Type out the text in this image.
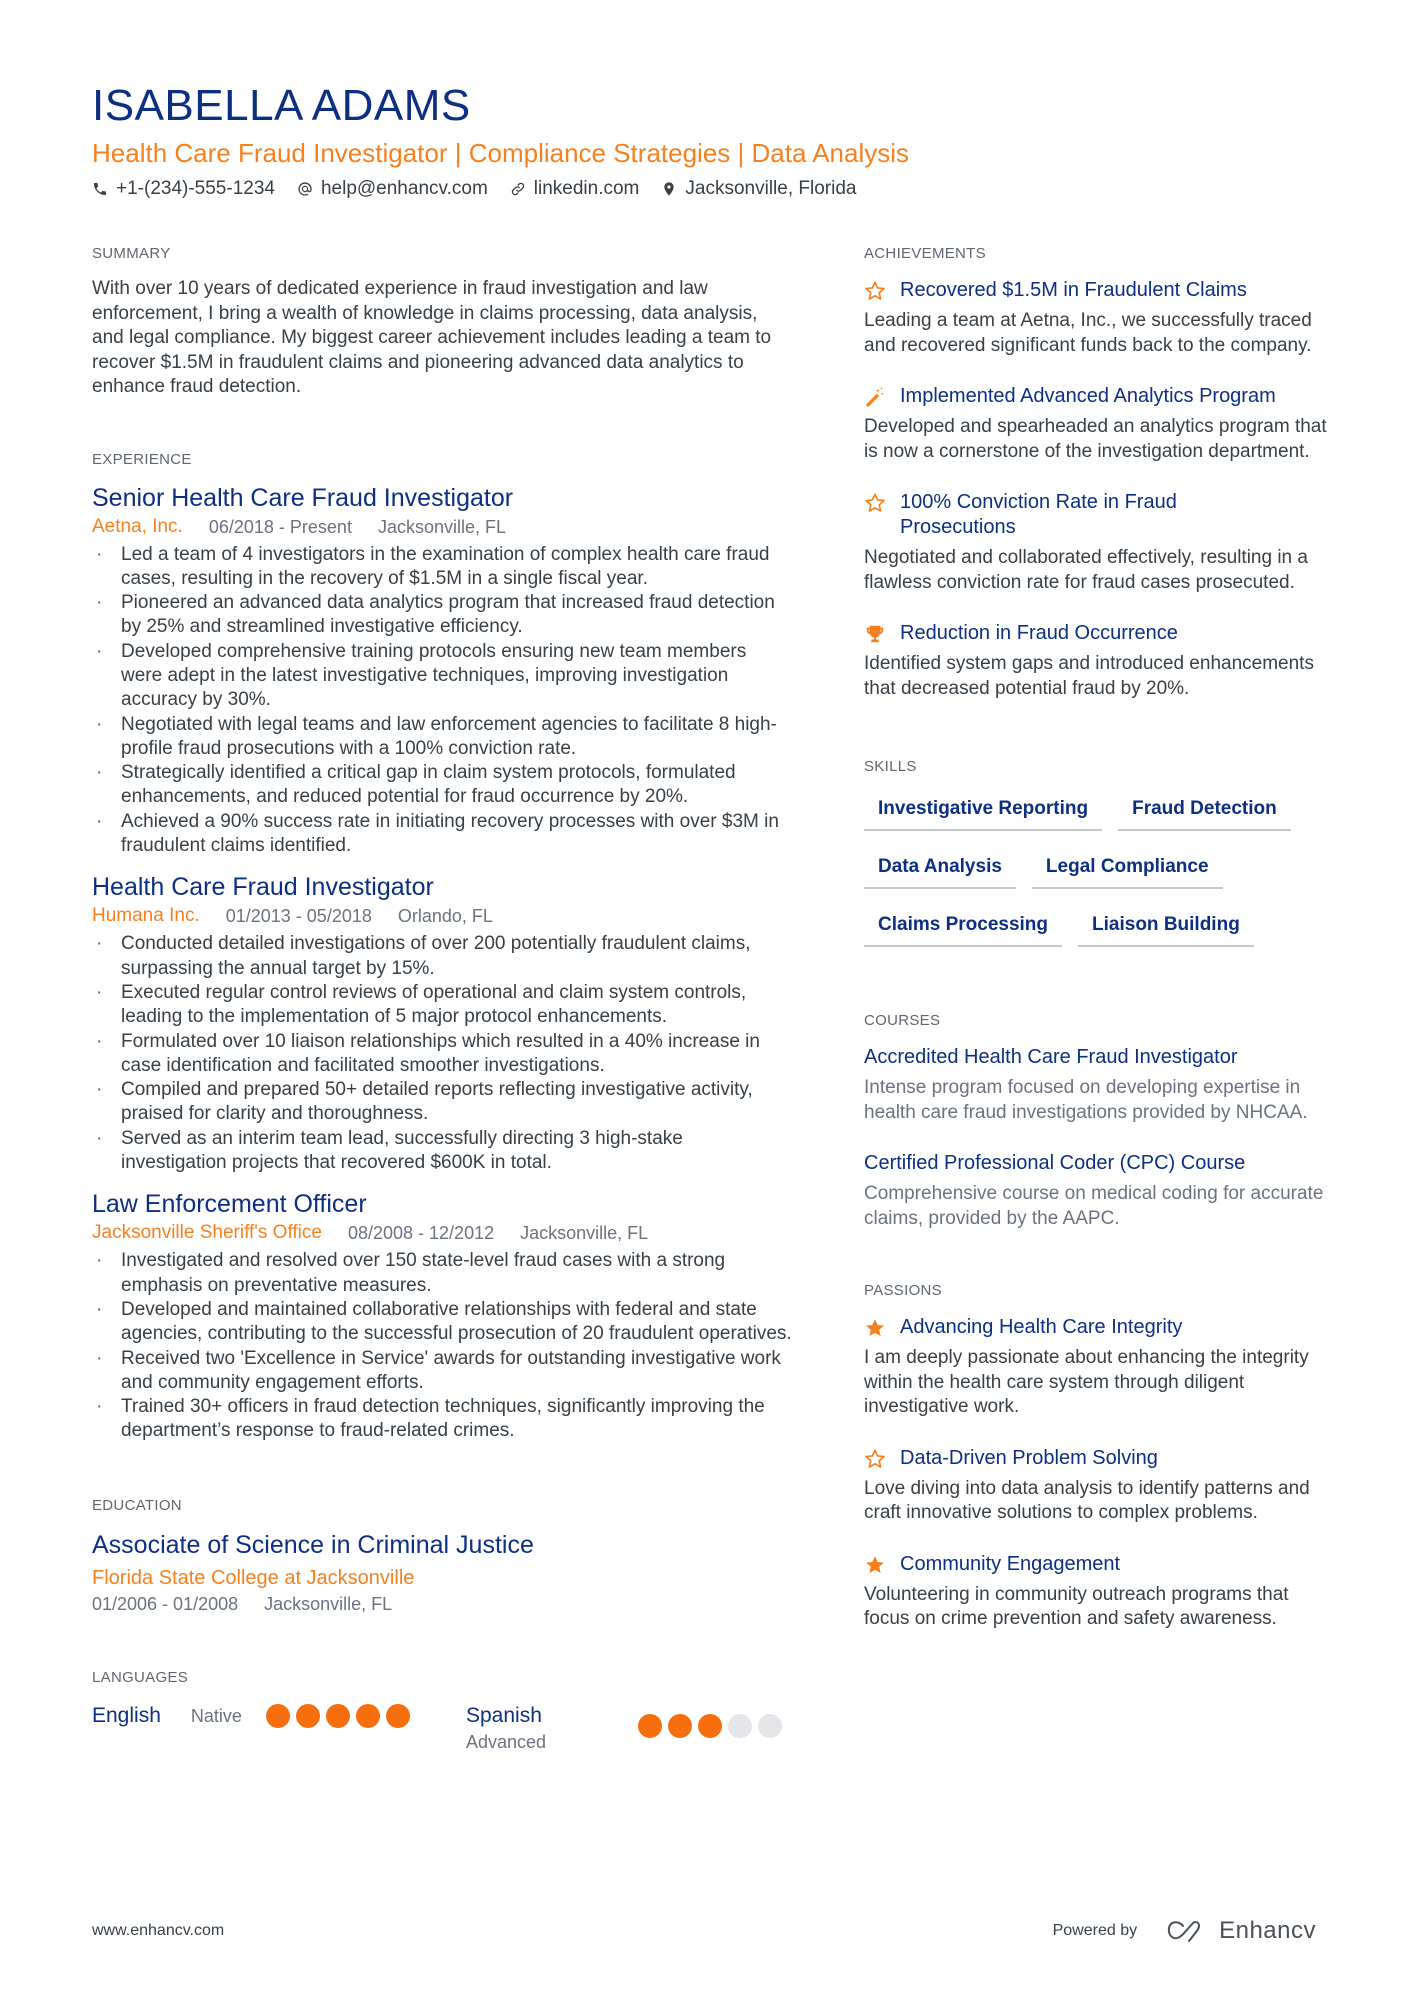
ISABELLA ADAMS
Health Care Fraud Investigator | Compliance Strategies | Data Analysis
+1-(234)-555-1234 help@enhancv.com linkedin.com Jacksonville, Florida
SUMMARY

With over 10 years of dedicated experience in fraud investigation and law enforcement, I bring a wealth of knowledge in claims processing, data analysis, and legal compliance. My biggest career achievement includes leading a team to recover $1.5M in fraudulent claims and pioneering advanced data analytics to enhance fraud detection.

EXPERIENCE
Senior Health Care Fraud Investigator
Aetna, Inc. 06/2018 - Present Jacksonville, FL
· Led a team of 4 investigators in the examination of complex health care fraud cases, resulting in the recovery of $1.5M in a single fiscal year.
· Pioneered an advanced data analytics program that increased fraud detection by 25% and streamlined investigative efficiency.
· Developed comprehensive training protocols ensuring new team members were adept in the latest investigative techniques, improving investigation accuracy by 30%.
· Negotiated with legal teams and law enforcement agencies to facilitate 8 high-profile fraud prosecutions with a 100% conviction rate.
· Strategically identified a critical gap in claim system protocols, formulated enhancements, and reduced potential for fraud occurrence by 20%.
· Achieved a 90% success rate in initiating recovery processes with over $3M in fraudulent claims identified.
Health Care Fraud Investigator
Humana Inc. 01/2013 - 05/2018 Orlando, FL
· Conducted detailed investigations of over 200 potentially fraudulent claims, surpassing the annual target by 15%.
· Executed regular control reviews of operational and claim system controls, leading to the implementation of 5 major protocol enhancements.
· Formulated over 10 liaison relationships which resulted in a 40% increase in case identification and facilitated smoother investigations.
· Compiled and prepared 50+ detailed reports reflecting investigative activity, praised for clarity and thoroughness.
· Served as an interim team lead, successfully directing 3 high-stake investigation projects that recovered $600K in total.
Law Enforcement Officer
Jacksonville Sheriff's Office 08/2008 - 12/2012 Jacksonville, FL
· Investigated and resolved over 150 state-level fraud cases with a strong emphasis on preventative measures.
· Developed and maintained collaborative relationships with federal and state agencies, contributing to the successful prosecution of 20 fraudulent operatives.
· Received two 'Excellence in Service' awards for outstanding investigative work and community engagement efforts.
· Trained 30+ officers in fraud detection techniques, significantly improving the department’s response to fraud-related crimes.
EDUCATION
Associate of Science in Criminal Justice
Florida State College at Jacksonville
01/2006 - 01/2008 Jacksonville, FL
LANGUAGES
English Native	Spanish
Advanced
ACHIEVEMENTS
Recovered $1.5M in Fraudulent Claims
Leading a team at Aetna, Inc., we successfully traced and recovered significant funds back to the company.
Implemented Advanced Analytics Program
Developed and spearheaded an analytics program that is now a cornerstone of the investigation department.
100% Conviction Rate in Fraud Prosecutions
Negotiated and collaborated effectively, resulting in a flawless conviction rate for fraud cases prosecuted.
Reduction in Fraud Occurrence
Identified system gaps and introduced enhancements that decreased potential fraud by 20%.
SKILLS
Investigative Reporting	Fraud Detection
Data Analysis	Legal Compliance
Claims Processing	Liaison Building
COURSES
Accredited Health Care Fraud Investigator
Intense program focused on developing expertise in health care fraud investigations provided by NHCAA.
Certified Professional Coder (CPC) Course
Comprehensive course on medical coding for accurate claims, provided by the AAPC.
PASSIONS
Advancing Health Care Integrity
I am deeply passionate about enhancing the integrity within the health care system through diligent investigative work.
Data-Driven Problem Solving
Love diving into data analysis to identify patterns and craft innovative solutions to complex problems.
Community Engagement
Volunteering in community outreach programs that focus on crime prevention and safety awareness.
www.enhancv.com	Powered by	Enhancv
